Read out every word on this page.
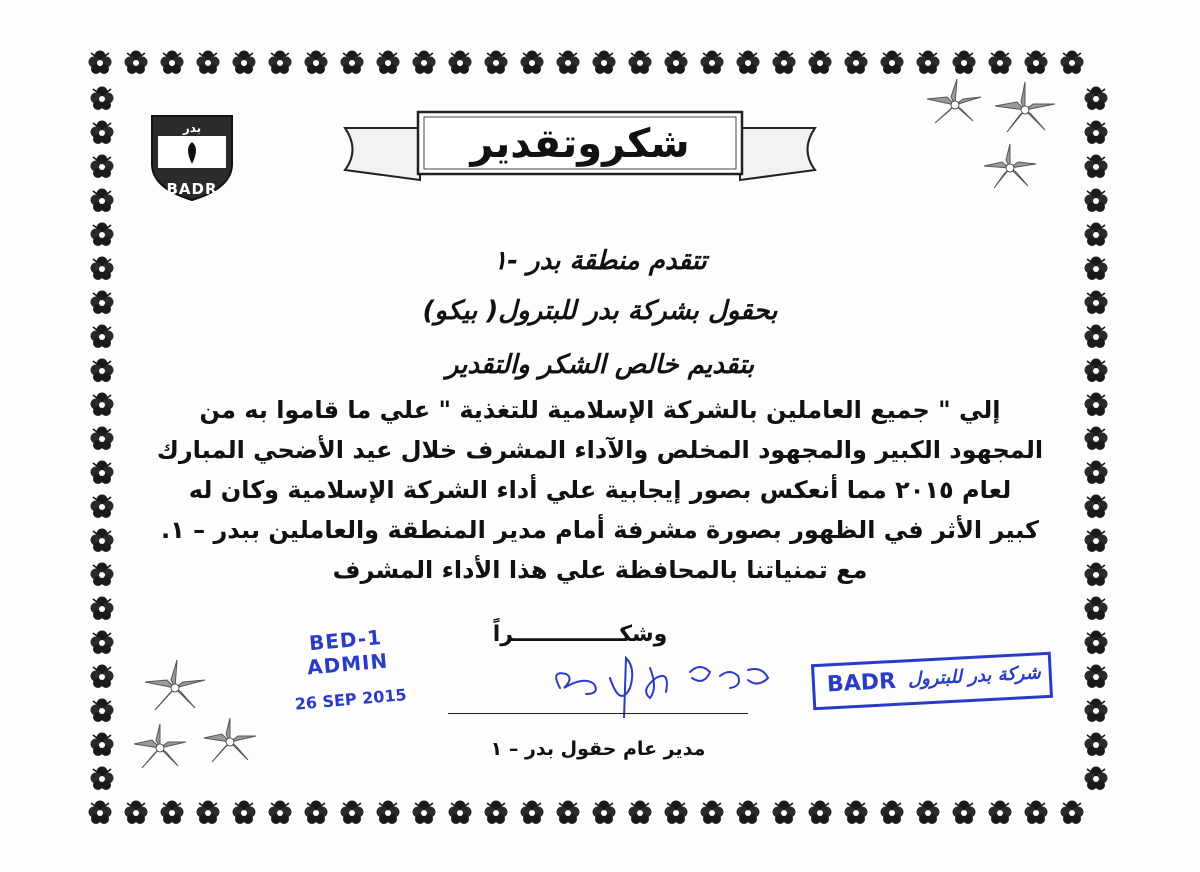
بدر
BADR
شكروتقدير
تتقدم منطقة بدر -١
بحقول بشركة بدر للبترول( بيكو)
بتقديم خالص الشكر والتقدير
إلي " جميع العاملين بالشركة الإسلامية للتغذية " علي ما قاموا به من
المجهود الكبير والمجهود المخلص والآداء المشرف خلال عيد الأضحي المبارك
لعام ٢٠١٥ مما أنعكس بصور إيجابية علي أداء الشركة الإسلامية وكان له
كبير الأثر في الظهور بصورة مشرفة أمام مدير المنطقة والعاملين ببدر – ١.
مع تمنياتنا بالمحافظة علي هذا الأداء المشرف
وشكــــــــــــــراً
مدير عام حقول بدر – ١
BED-1 ADMIN
26 SEP 2015
BADR شركة بدر للبترول
